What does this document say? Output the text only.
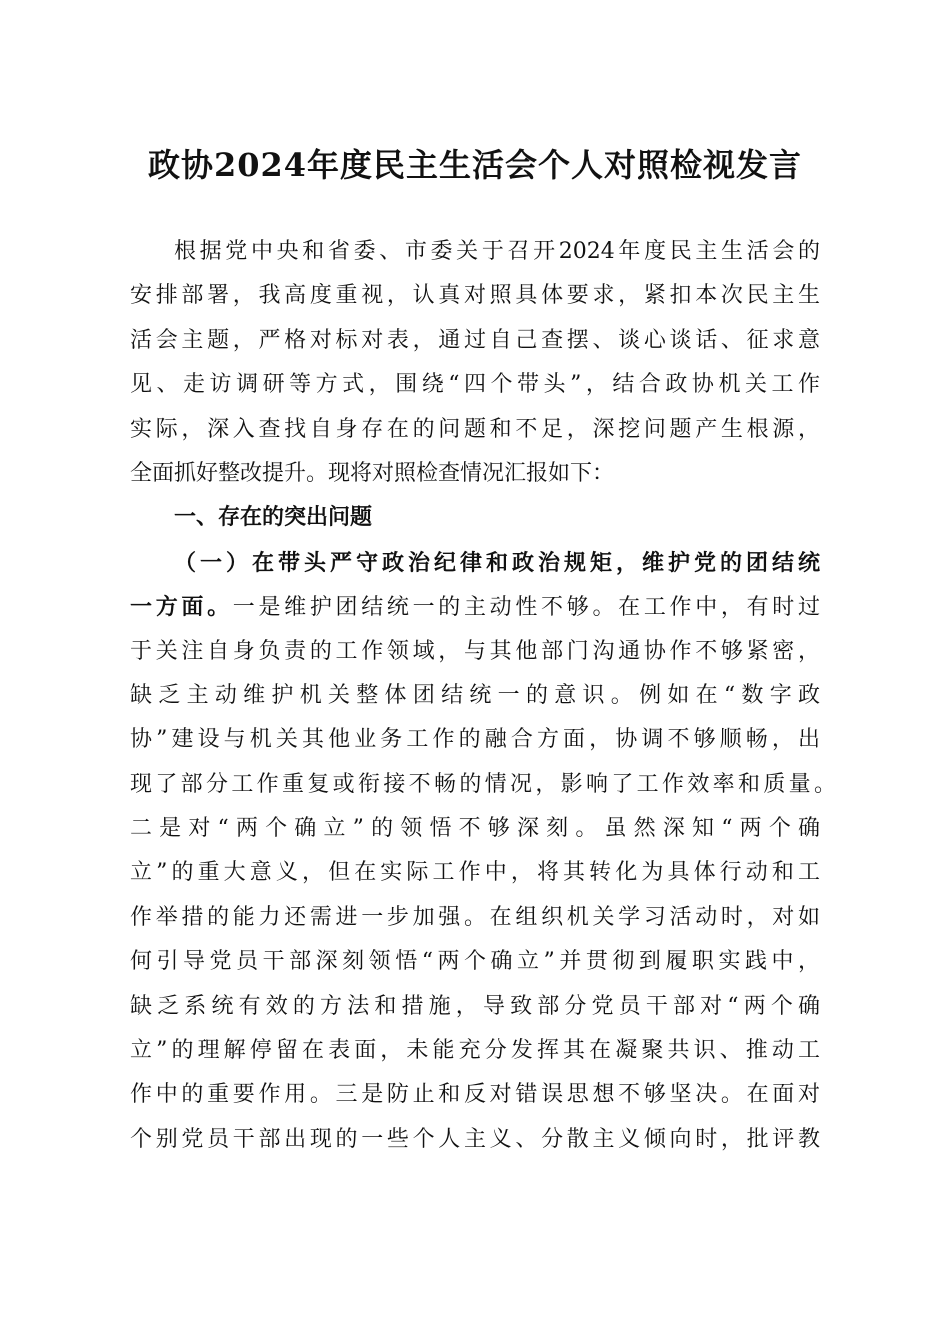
政协2024年度民主生活会个人对照检视发言
根据党中央和省委、市委关于召开2024年度民主生活会的
安排部署，我高度重视，认真对照具体要求，紧扣本次民主生
活会主题，严格对标对表，通过自己查摆、谈心谈话、征求意
见、走访调研等方式，围绕“四个带头”，结合政协机关工作
实际，深入查找自身存在的问题和不足，深挖问题产生根源，
全面抓好整改提升。现将对照检查情况汇报如下：
一、存在的突出问题
（一）在带头严守政治纪律和政治规矩，维护党的团结统
一方面。一是维护团结统一的主动性不够。在工作中，有时过
于关注自身负责的工作领域，与其他部门沟通协作不够紧密，
缺乏主动维护机关整体团结统一的意识。例如在“数字政
协”建设与机关其他业务工作的融合方面，协调不够顺畅，出
现了部分工作重复或衔接不畅的情况，影响了工作效率和质量。
二是对“两个确立”的领悟不够深刻。虽然深知“两个确
立”的重大意义，但在实际工作中，将其转化为具体行动和工
作举措的能力还需进一步加强。在组织机关学习活动时，对如
何引导党员干部深刻领悟“两个确立”并贯彻到履职实践中，
缺乏系统有效的方法和措施，导致部分党员干部对“两个确
立”的理解停留在表面，未能充分发挥其在凝聚共识、推动工
作中的重要作用。三是防止和反对错误思想不够坚决。在面对
个别党员干部出现的一些个人主义、分散主义倾向时，批评教
